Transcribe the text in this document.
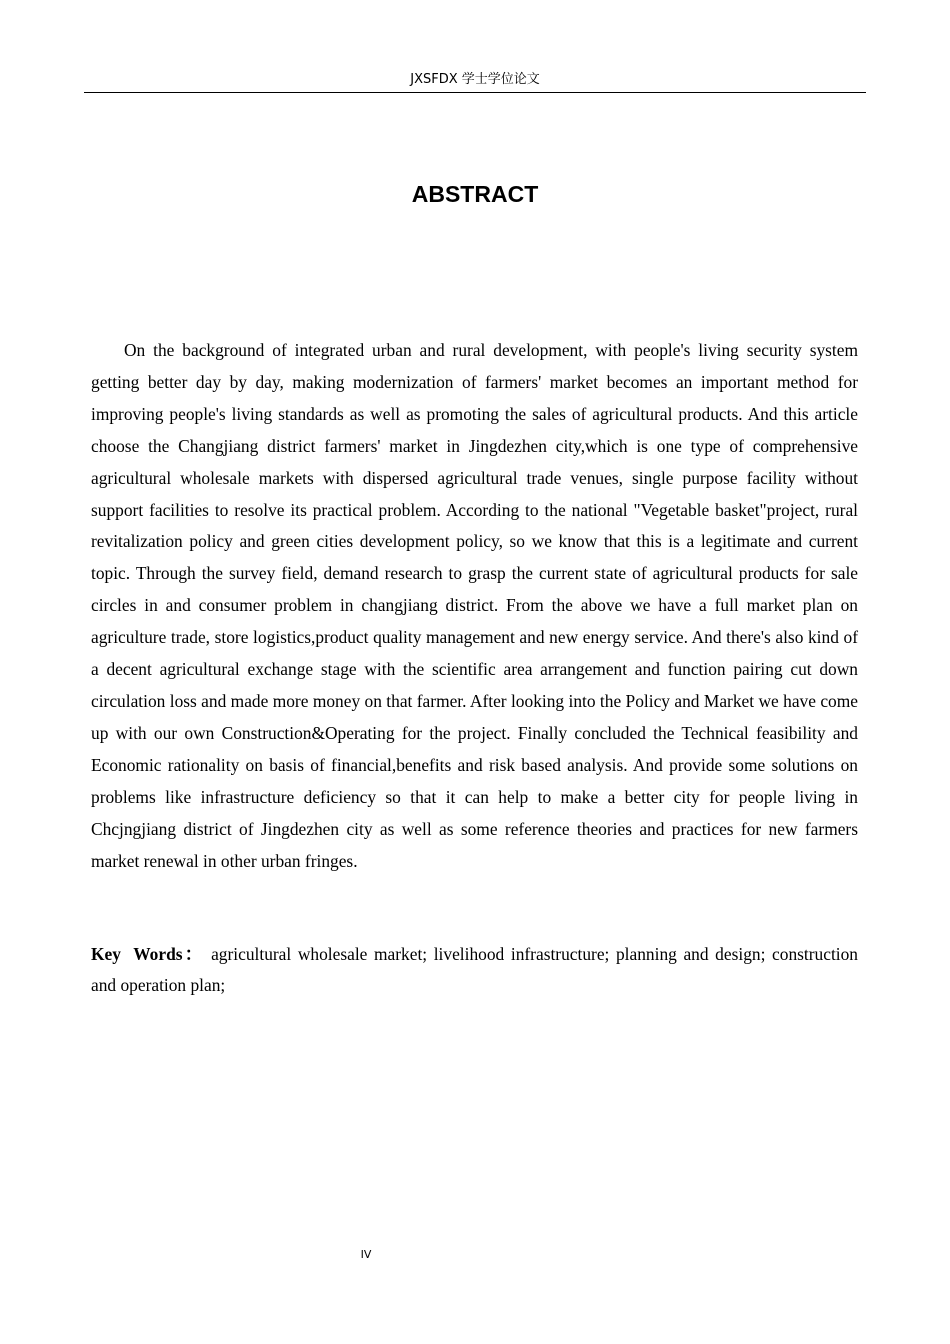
JXSFDX 学士学位论文
ABSTRACT

On the background of integrated urban and rural development, with people's living security system getting better day by day, making modernization of farmers' market becomes an important method for improving people's living standards as well as promoting the sales of agricultural products. And this article choose the Changjiang district farmers' market in Jingdezhen city,which is one type of comprehensive agricultural wholesale markets with dispersed agricultural trade venues, single purpose facility without support facilities to resolve its practical problem. According to the national "Vegetable basket"project, rural revitalization policy and green cities development policy, so we know that this is a legitimate and current topic. Through the survey field, demand research to grasp the current state of agricultural products for sale circles in and consumer problem in changjiang district. From the above we have a full market plan on agriculture trade, store logistics,product quality management and new energy service. And there's also kind of a decent agricultural exchange stage with the scientific area arrangement and function pairing cut down circulation loss and made more money on that farmer. After looking into the Policy and Market we have come up with our own Construction&Operating for the project. Finally concluded the Technical feasibility and Economic rationality on basis of financial,benefits and risk based analysis. And provide some solutions on problems like infrastructure deficiency so that it can help to make a better city for people living in Chcjngjiang district of Jingdezhen city as well as some reference theories and practices for new farmers market renewal in other urban fringes.

Key Words： agricultural wholesale market; livelihood infrastructure; planning and design; construction and operation plan;

IV
